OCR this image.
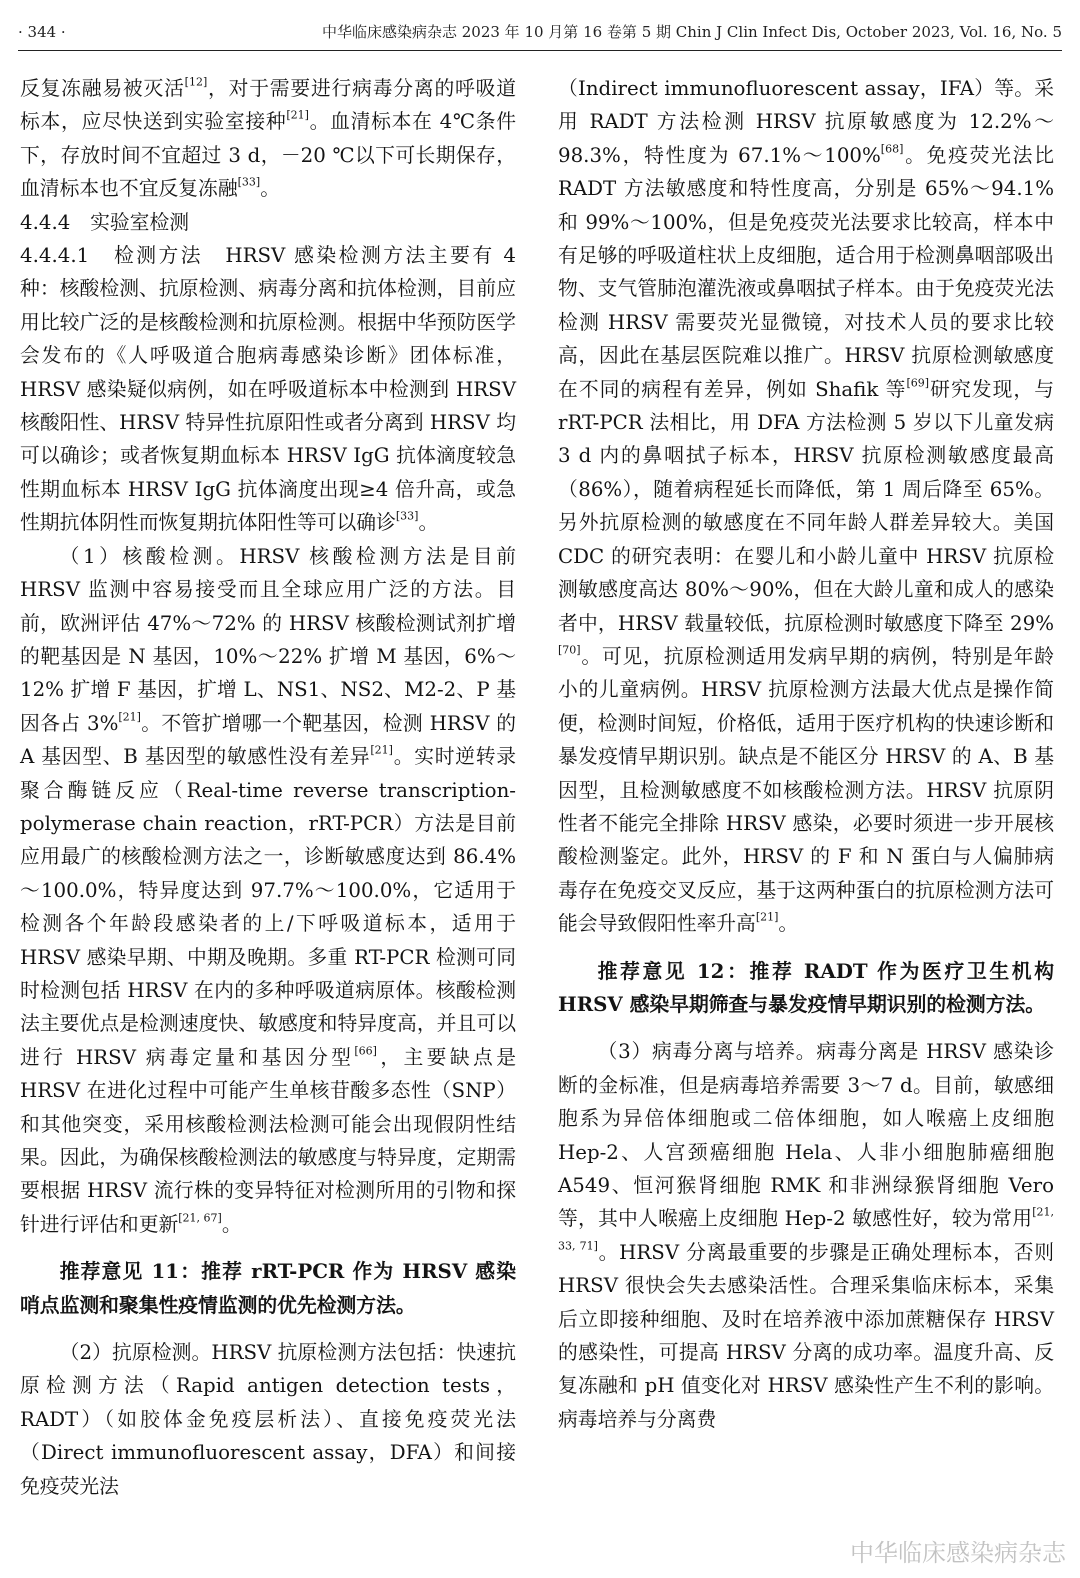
· 344 ·	中华临床感染病杂志 2023 年 10 月第 16 卷第 5 期 Chin J Clin Infect Dis, October 2023, Vol. 16, No. 5

反复冻融易被灭活[12]，对于需要进行病毒分离的呼吸道标本，应尽快送到实验室接种[21]。血清标本在 4℃条件下，存放时间不宜超过 3 d，－20 ℃以下可长期保存，血清标本也不宜反复冻融[33]。

4.4.4　实验室检测

4.4.4.1　检测方法　HRSV 感染检测方法主要有 4 种：核酸检测、抗原检测、病毒分离和抗体检测，目前应用比较广泛的是核酸检测和抗原检测。根据中华预防医学会发布的《人呼吸道合胞病毒感染诊断》团体标准，HRSV 感染疑似病例，如在呼吸道标本中检测到 HRSV 核酸阳性、HRSV 特异性抗原阳性或者分离到 HRSV 均可以确诊；或者恢复期血标本 HRSV IgG 抗体滴度较急性期血标本 HRSV IgG 抗体滴度出现≥4 倍升高，或急性期抗体阴性而恢复期抗体阳性等可以确诊[33]。

（1）核酸检测。HRSV 核酸检测方法是目前 HRSV 监测中容易接受而且全球应用广泛的方法。目前，欧洲评估 47%～72% 的 HRSV 核酸检测试剂扩增的靶基因是 N 基因，10%～22% 扩增 M 基因，6%～12% 扩增 F 基因，扩增 L、NS1、NS2、M2-2、P 基因各占 3%[21]。不管扩增哪一个靶基因，检测 HRSV 的 A 基因型、B 基因型的敏感性没有差异[21]。实时逆转录聚合酶链反应（Real-time reverse transcription-polymerase chain reaction，rRT-PCR）方法是目前应用最广的核酸检测方法之一，诊断敏感度达到 86.4%～100.0%，特异度达到 97.7%～100.0%，它适用于检测各个年龄段感染者的上/下呼吸道标本，适用于 HRSV 感染早期、中期及晚期。多重 RT-PCR 检测可同时检测包括 HRSV 在内的多种呼吸道病原体。核酸检测法主要优点是检测速度快、敏感度和特异度高，并且可以进行 HRSV 病毒定量和基因分型[66]，主要缺点是 HRSV 在进化过程中可能产生单核苷酸多态性（SNP）和其他突变，采用核酸检测法检测可能会出现假阴性结果。因此，为确保核酸检测法的敏感度与特异度，定期需要根据 HRSV 流行株的变异特征对检测所用的引物和探针进行评估和更新[21, 67]。

推荐意见 11：推荐 rRT-PCR 作为 HRSV 感染哨点监测和聚集性疫情监测的优先检测方法。

（2）抗原检测。HRSV 抗原检测方法包括：快速抗原检测方法（Rapid antigen detection tests，RADT）（如胶体金免疫层析法）、直接免疫荧光法（Direct immunofluorescent assay，DFA）和间接免疫荧光法

（Indirect immunofluorescent assay，IFA）等。采用 RADT 方法检测 HRSV 抗原敏感度为 12.2%～98.3%，特性度为 67.1%～100%[68]。免疫荧光法比 RADT 方法敏感度和特性度高，分别是 65%～94.1% 和 99%～100%，但是免疫荧光法要求比较高，样本中有足够的呼吸道柱状上皮细胞，适合用于检测鼻咽部吸出物、支气管肺泡灌洗液或鼻咽拭子样本。由于免疫荧光法检测 HRSV 需要荧光显微镜，对技术人员的要求比较高，因此在基层医院难以推广。HRSV 抗原检测敏感度在不同的病程有差异，例如 Shafik 等[69]研究发现，与 rRT-PCR 法相比，用 DFA 方法检测 5 岁以下儿童发病 3 d 内的鼻咽拭子标本，HRSV 抗原检测敏感度最高（86%），随着病程延长而降低，第 1 周后降至 65%。另外抗原检测的敏感度在不同年龄人群差异较大。美国 CDC 的研究表明：在婴儿和小龄儿童中 HRSV 抗原检测敏感度高达 80%～90%，但在大龄儿童和成人的感染者中，HRSV 载量较低，抗原检测时敏感度下降至 29%[70]。可见，抗原检测适用发病早期的病例，特别是年龄小的儿童病例。HRSV 抗原检测方法最大优点是操作简便，检测时间短，价格低，适用于医疗机构的快速诊断和暴发疫情早期识别。缺点是不能区分 HRSV 的 A、B 基因型，且检测敏感度不如核酸检测方法。HRSV 抗原阴性者不能完全排除 HRSV 感染，必要时须进一步开展核酸检测鉴定。此外，HRSV 的 F 和 N 蛋白与人偏肺病毒存在免疫交叉反应，基于这两种蛋白的抗原检测方法可能会导致假阳性率升高[21]。

推荐意见 12：推荐 RADT 作为医疗卫生机构 HRSV 感染早期筛查与暴发疫情早期识别的检测方法。

（3）病毒分离与培养。病毒分离是 HRSV 感染诊断的金标准，但是病毒培养需要 3～7 d。目前，敏感细胞系为异倍体细胞或二倍体细胞，如人喉癌上皮细胞 Hep-2、人宫颈癌细胞 Hela、人非小细胞肺癌细胞 A549、恒河猴肾细胞 RMK 和非洲绿猴肾细胞 Vero 等，其中人喉癌上皮细胞 Hep-2 敏感性好，较为常用[21, 33, 71]。HRSV 分离最重要的步骤是正确处理标本，否则 HRSV 很快会失去感染活性。合理采集临床标本，采集后立即接种细胞、及时在培养液中添加蔗糖保存 HRSV 的感染性，可提高 HRSV 分离的成功率。温度升高、反复冻融和 pH 值变化对 HRSV 感染性产生不利的影响。病毒培养与分离费

中华临床感染病杂志
